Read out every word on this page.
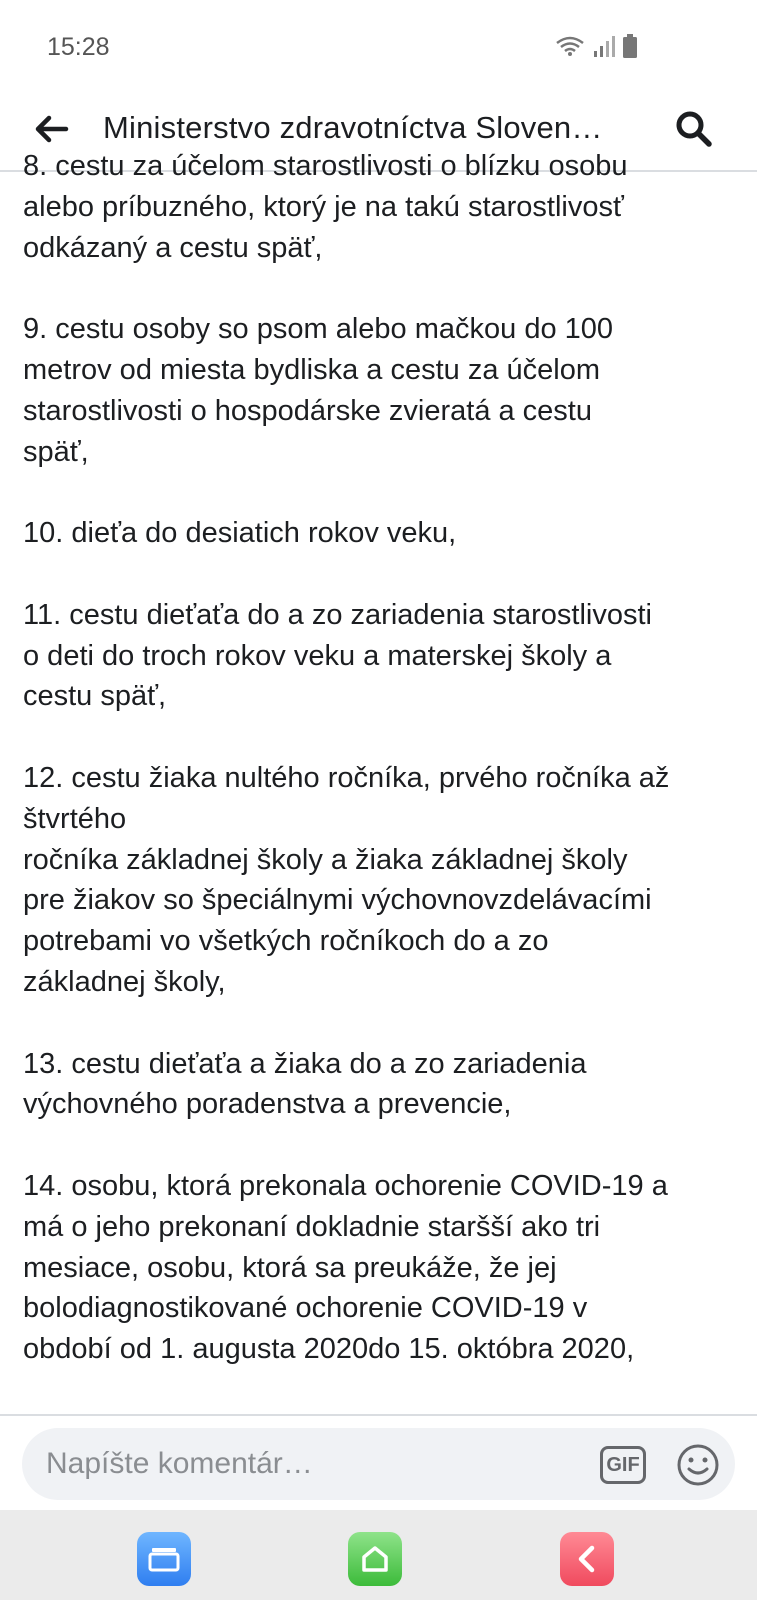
15:28
Ministerstvo zdravotníctva Sloven…

8. cestu za účelom starostlivosti o blízku osobu
alebo príbuzného, ktorý je na takú starostlivosť
odkázaný a cestu späť,

9. cestu osoby so psom alebo mačkou do 100
metrov od miesta bydliska a cestu za účelom
starostlivosti o hospodárske zvieratá a cestu
späť,

10. dieťa do desiatich rokov veku,

11. cestu dieťaťa do a zo zariadenia starostlivosti
o deti do troch rokov veku a materskej školy a
cestu späť,

12. cestu žiaka nultého ročníka, prvého ročníka až
štvrtého
ročníka základnej školy a žiaka základnej školy
pre žiakov so špeciálnymi výchovnovzdelávacími
potrebami vo všetkých ročníkoch do a zo
základnej školy,

13. cestu dieťaťa a žiaka do a zo zariadenia
výchovného poradenstva a prevencie,

14. osobu, ktorá prekonala ochorenie COVID-19 a
má o jeho prekonaní dokladnie staršší ako tri
mesiace, osobu, ktorá sa preukáže, že jej
bolodiagnostikované ochorenie COVID-19 v
období od 1. augusta 2020do 15. októbra 2020,

Napíšte komentár…
GIF
